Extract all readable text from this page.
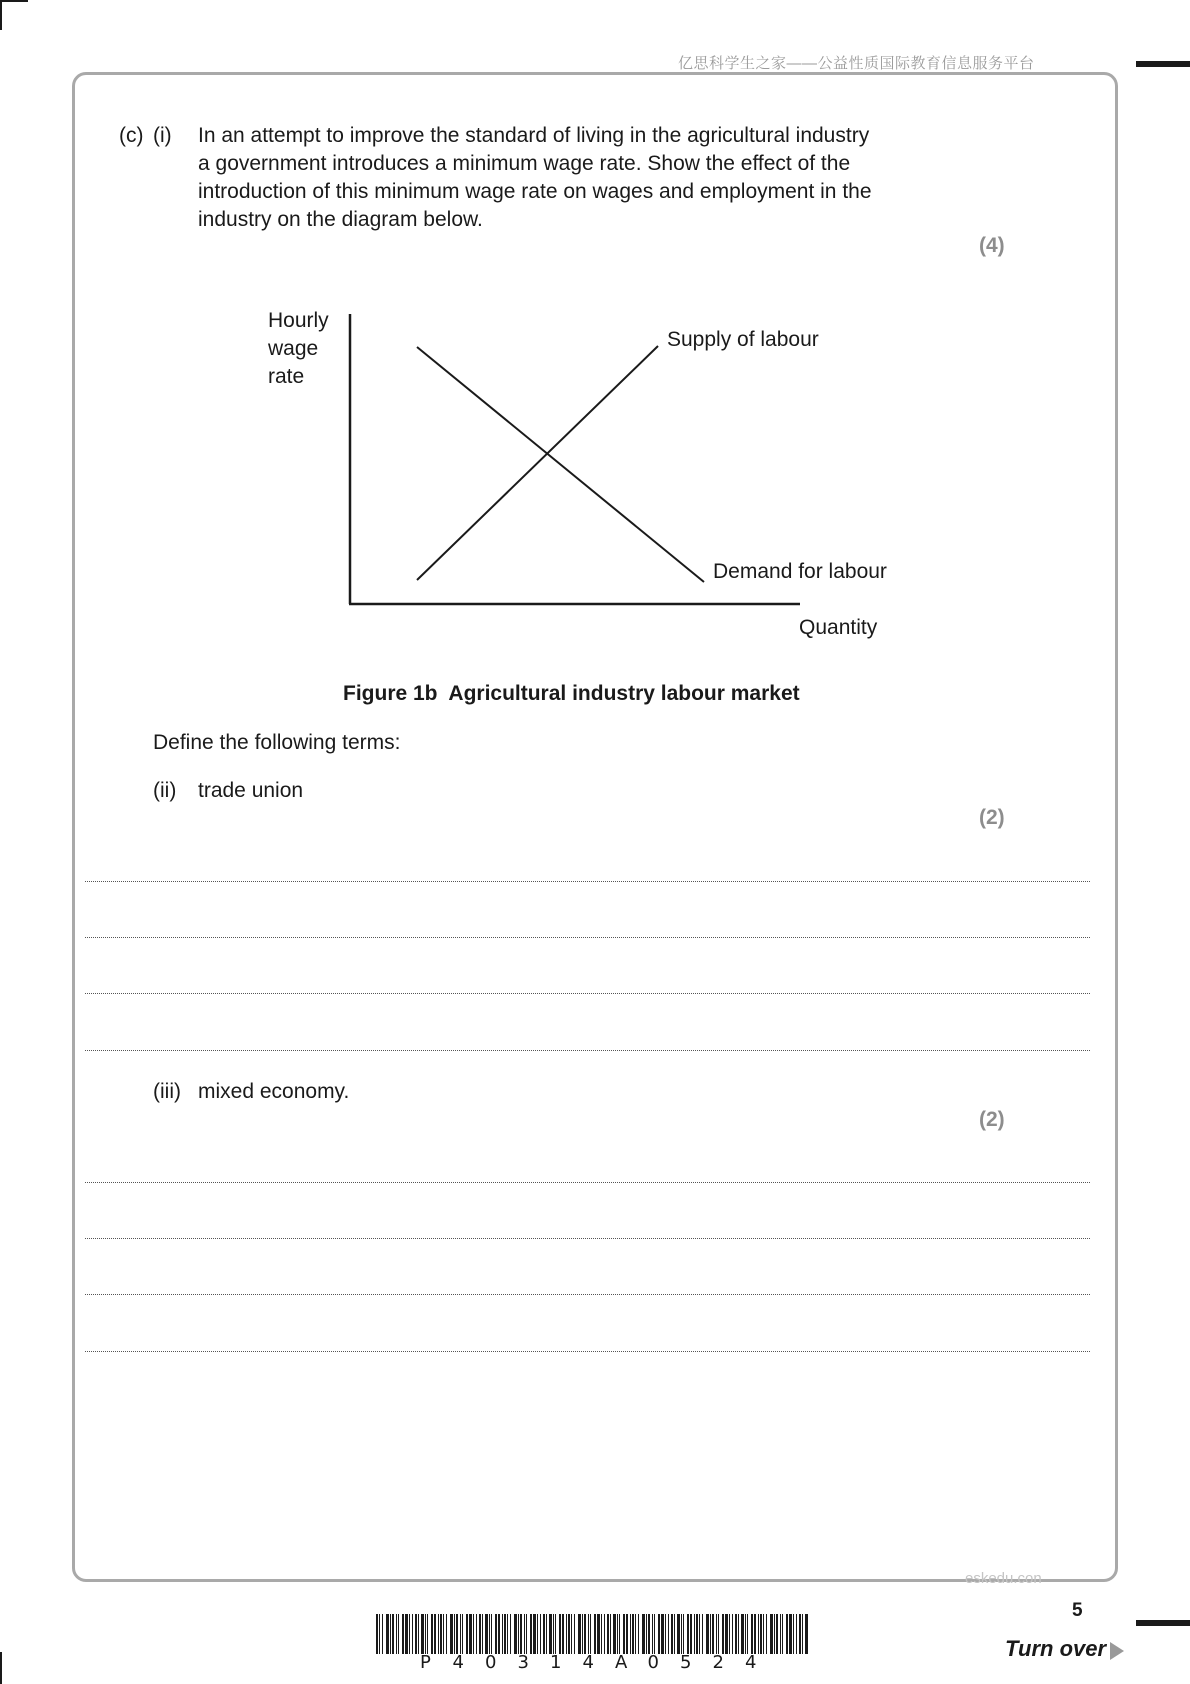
亿思科学生之家——公益性质国际教育信息服务平台
(c) (i) In an attempt to improve the standard of living in the agricultural industry
a government introduces a minimum wage rate. Show the effect of the
introduction of this minimum wage rate on wages and employment in the
industry on the diagram below.
(4)
Hourly
wage
rate
Supply of labour
Demand for labour
Quantity
Figure 1b  Agricultural industry labour market
Define the following terms:
(ii) trade union
(2)
(iii) mixed economy.
(2)
eskedu.con
P 4 0 3 1 4 A 0 5 2 4
5
Turn over
